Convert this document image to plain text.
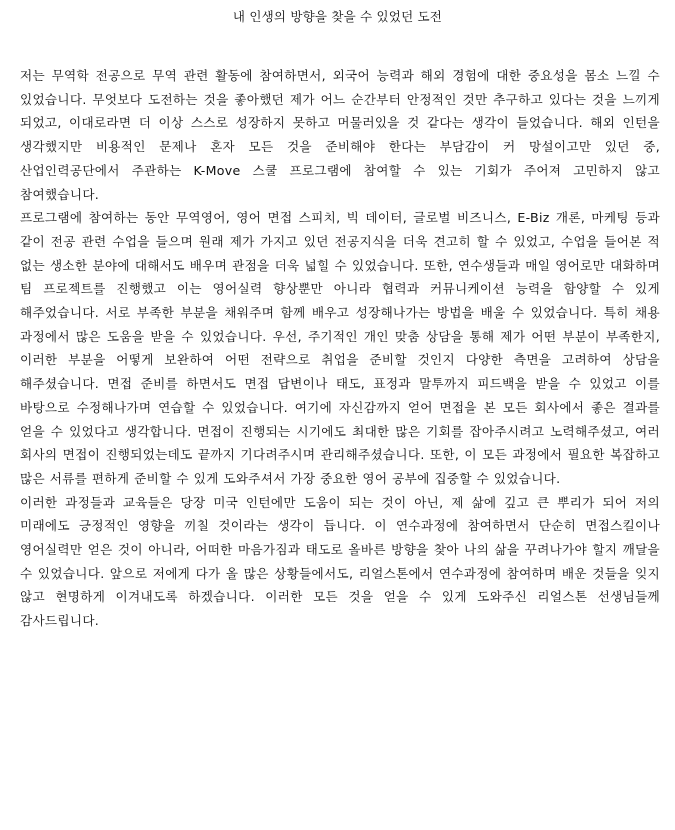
내 인생의 방향을 찾을 수 있었던 도전

저는 무역학 전공으로 무역 관련 활동에 참여하면서, 외국어 능력과 해외 경험에 대한 중요성을 몸소 느낄 수 있었습니다. 무엇보다 도전하는 것을 좋아했던 제가 어느 순간부터 안정적인 것만 추구하고 있다는 것을 느끼게 되었고, 이대로라면 더 이상 스스로 성장하지 못하고 머물러있을 것 같다는 생각이 들었습니다. 해외 인턴을 생각했지만 비용적인 문제나 혼자 모든 것을 준비해야 한다는 부담감이 커 망설이고만 있던 중, 산업인력공단에서 주관하는 K-Move 스쿨 프로그램에 참여할 수 있는 기회가 주어져 고민하지 않고 참여했습니다.

프로그램에 참여하는 동안 무역영어, 영어 면접 스피치, 빅 데이터, 글로벌 비즈니스, E-Biz 개론, 마케팅 등과 같이 전공 관련 수업을 들으며 원래 제가 가지고 있던 전공지식을 더욱 견고히 할 수 있었고, 수업을 들어본 적 없는 생소한 분야에 대해서도 배우며 관점을 더욱 넓힐 수 있었습니다. 또한, 연수생들과 매일 영어로만 대화하며 팀 프로젝트를 진행했고 이는 영어실력 향상뿐만 아니라 협력과 커뮤니케이션 능력을 함양할 수 있게 해주었습니다. 서로 부족한 부분을 채워주며 함께 배우고 성장해나가는 방법을 배울 수 있었습니다. 특히 채용 과정에서 많은 도움을 받을 수 있었습니다. 우선, 주기적인 개인 맞춤 상담을 통해 제가 어떤 부분이 부족한지, 이러한 부분을 어떻게 보완하여 어떤 전략으로 취업을 준비할 것인지 다양한 측면을 고려하여 상담을 해주셨습니다. 면접 준비를 하면서도 면접 답변이나 태도, 표정과 말투까지 피드백을 받을 수 있었고 이를 바탕으로 수정해나가며 연습할 수 있었습니다. 여기에 자신감까지 얻어 면접을 본 모든 회사에서 좋은 결과를 얻을 수 있었다고 생각합니다. 면접이 진행되는 시기에도 최대한 많은 기회를 잡아주시려고 노력해주셨고, 여러 회사의 면접이 진행되었는데도 끝까지 기다려주시며 관리해주셨습니다. 또한, 이 모든 과정에서 필요한 복잡하고 많은 서류를 편하게 준비할 수 있게 도와주셔서 가장 중요한 영어 공부에 집중할 수 있었습니다.

이러한 과정들과 교육들은 당장 미국 인턴에만 도움이 되는 것이 아닌, 제 삶에 깊고 큰 뿌리가 되어 저의 미래에도 긍정적인 영향을 끼칠 것이라는 생각이 듭니다. 이 연수과정에 참여하면서 단순히 면접스킬이나 영어실력만 얻은 것이 아니라, 어떠한 마음가짐과 태도로 올바른 방향을 찾아 나의 삶을 꾸려나가야 할지 깨달을 수 있었습니다. 앞으로 저에게 다가 올 많은 상황들에서도, 리얼스톤에서 연수과정에 참여하며 배운 것들을 잊지 않고 현명하게 이겨내도록 하겠습니다. 이러한 모든 것을 얻을 수 있게 도와주신 리얼스톤 선생님들께 감사드립니다.
